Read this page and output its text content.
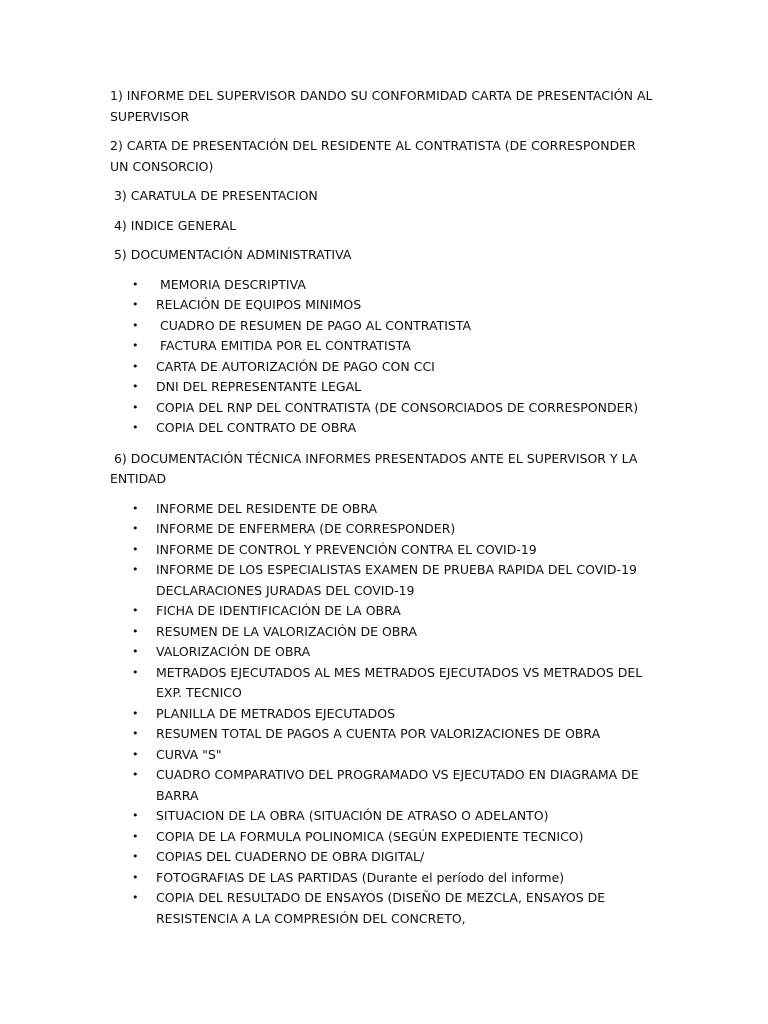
1) INFORME DEL SUPERVISOR DANDO SU CONFORMIDAD CARTA DE PRESENTACIÓN AL SUPERVISOR

2) CARTA DE PRESENTACIÓN DEL RESIDENTE AL CONTRATISTA (DE CORRESPONDER UN CONSORCIO)

3) CARATULA DE PRESENTACION

4) INDICE GENERAL

5) DOCUMENTACIÓN ADMINISTRATIVA

• MEMORIA DESCRIPTIVA
• RELACIÓN DE EQUIPOS MINIMOS
• CUADRO DE RESUMEN DE PAGO AL CONTRATISTA
• FACTURA EMITIDA POR EL CONTRATISTA
• CARTA DE AUTORIZACIÓN DE PAGO CON CCI
• DNI DEL REPRESENTANTE LEGAL
• COPIA DEL RNP DEL CONTRATISTA (DE CONSORCIADOS DE CORRESPONDER)
• COPIA DEL CONTRATO DE OBRA

6) DOCUMENTACIÓN TÉCNICA INFORMES PRESENTADOS ANTE EL SUPERVISOR Y LA ENTIDAD

• INFORME DEL RESIDENTE DE OBRA
• INFORME DE ENFERMERA (DE CORRESPONDER)
• INFORME DE CONTROL Y PREVENCIÓN CONTRA EL COVID-19
• INFORME DE LOS ESPECIALISTAS EXAMEN DE PRUEBA RAPIDA DEL COVID-19 DECLARACIONES JURADAS DEL COVID-19
• FICHA DE IDENTIFICACIÓN DE LA OBRA
• RESUMEN DE LA VALORIZACIÓN DE OBRA
• VALORIZACIÓN DE OBRA
• METRADOS EJECUTADOS AL MES METRADOS EJECUTADOS VS METRADOS DEL EXP. TECNICO
• PLANILLA DE METRADOS EJECUTADOS
• RESUMEN TOTAL DE PAGOS A CUENTA POR VALORIZACIONES DE OBRA
• CURVA "S"
• CUADRO COMPARATIVO DEL PROGRAMADO VS EJECUTADO EN DIAGRAMA DE BARRA
• SITUACION DE LA OBRA (SITUACIÓN DE ATRASO O ADELANTO)
• COPIA DE LA FORMULA POLINOMICA (SEGÚN EXPEDIENTE TECNICO)
• COPIAS DEL CUADERNO DE OBRA DIGITAL/
• FOTOGRAFIAS DE LAS PARTIDAS (Durante el período del informe)
• COPIA DEL RESULTADO DE ENSAYOS (DISEÑO DE MEZCLA, ENSAYOS DE RESISTENCIA A LA COMPRESIÓN DEL CONCRETO,
